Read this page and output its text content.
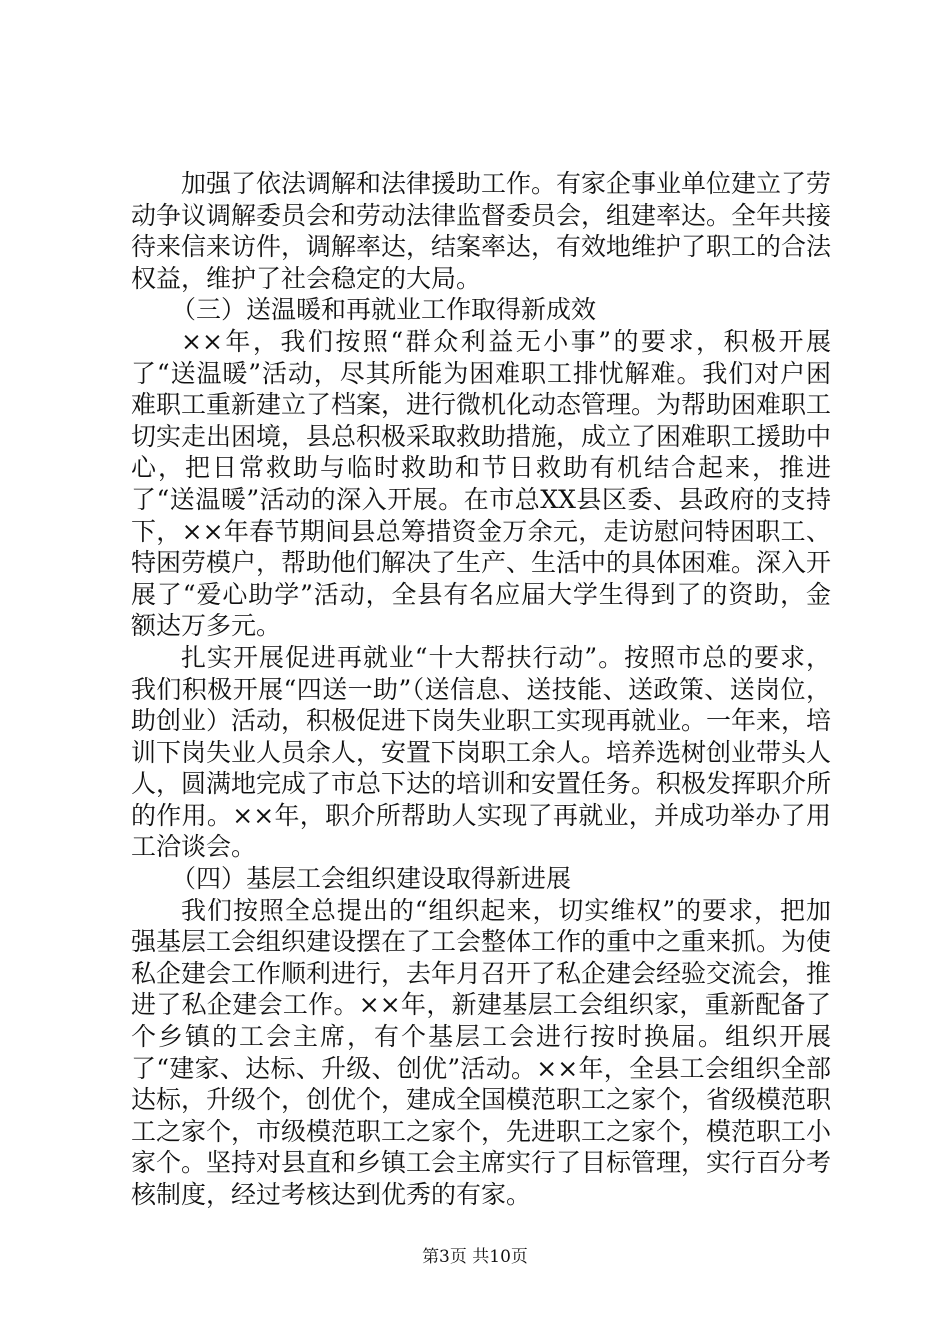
加强了依法调解和法律援助工作。有家企事业单位建立了劳动争议调解委员会和劳动法律监督委员会，组建率达。全年共接待来信来访件，调解率达，结案率达，有效地维护了职工的合法权益，维护了社会稳定的大局。

（三）送温暖和再就业工作取得新成效

××年，我们按照“群众利益无小事”的要求，积极开展了“送温暖”活动，尽其所能为困难职工排忧解难。我们对户困难职工重新建立了档案，进行微机化动态管理。为帮助困难职工切实走出困境，县总积极采取救助措施，成立了困难职工援助中心，把日常救助与临时救助和节日救助有机结合起来，推进了“送温暖”活动的深入开展。在市总XX县区委、县政府的支持下，××年春节期间县总筹措资金万余元，走访慰问特困职工、特困劳模户，帮助他们解决了生产、生活中的具体困难。深入开展了“爱心助学”活动，全县有名应届大学生得到了的资助，金额达万多元。

扎实开展促进再就业“十大帮扶行动”。按照市总的要求，我们积极开展“四送一助”（送信息、送技能、送政策、送岗位，助创业）活动，积极促进下岗失业职工实现再就业。一年来，培训下岗失业人员余人，安置下岗职工余人。培养选树创业带头人人，圆满地完成了市总下达的培训和安置任务。积极发挥职介所的作用。××年，职介所帮助人实现了再就业，并成功举办了用工洽谈会。

（四）基层工会组织建设取得新进展

我们按照全总提出的“组织起来，切实维权”的要求，把加强基层工会组织建设摆在了工会整体工作的重中之重来抓。为使私企建会工作顺利进行，去年月召开了私企建会经验交流会，推进了私企建会工作。××年，新建基层工会组织家，重新配备了个乡镇的工会主席，有个基层工会进行按时换届。组织开展了“建家、达标、升级、创优”活动。××年，全县工会组织全部达标，升级个，创优个，建成全国模范职工之家个，省级模范职工之家个，市级模范职工之家个，先进职工之家个，模范职工小家个。坚持对县直和乡镇工会主席实行了目标管理，实行百分考核制度，经过考核达到优秀的有家。

第3页 共10页
